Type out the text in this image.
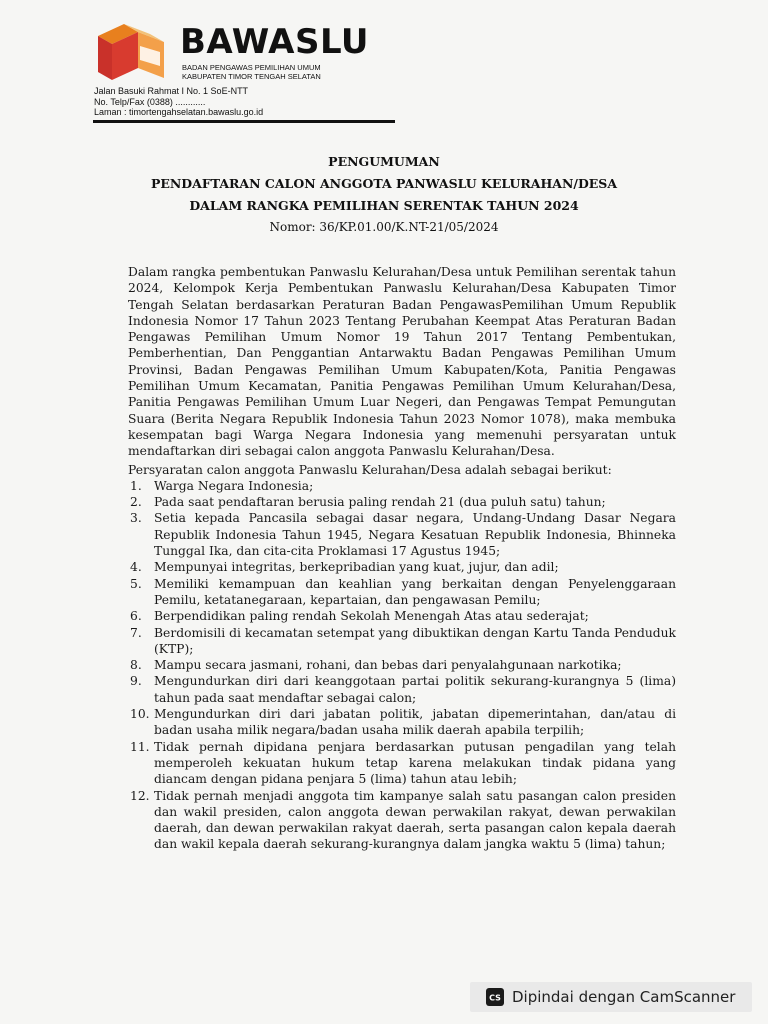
BAWASLU
BADAN PENGAWAS PEMILIHAN UMUM
KABUPATEN TIMOR TENGAH SELATAN
Jalan Basuki Rahmat I No. 1 SoE-NTT
No. Telp/Fax (0388) ............
Laman : timortengahselatan.bawaslu.go.id
PENGUMUMAN
PENDAFTARAN CALON ANGGOTA PANWASLU KELURAHAN/DESA
DALAM RANGKA PEMILIHAN SERENTAK TAHUN 2024
Nomor: 36/KP.01.00/K.NT-21/05/2024

Dalam rangka pembentukan Panwaslu Kelurahan/Desa untuk Pemilihan serentak tahun 2024, Kelompok Kerja Pembentukan Panwaslu Kelurahan/Desa Kabupaten Timor Tengah Selatan berdasarkan Peraturan Badan PengawasPemilihan Umum Republik Indonesia Nomor 17 Tahun 2023 Tentang Perubahan Keempat Atas Peraturan Badan Pengawas Pemilihan Umum Nomor 19 Tahun 2017 Tentang Pembentukan, Pemberhentian, Dan Penggantian Antarwaktu Badan Pengawas Pemilihan Umum Provinsi, Badan Pengawas Pemilihan Umum Kabupaten/Kota, Panitia Pengawas Pemilihan Umum Kecamatan, Panitia Pengawas Pemilihan Umum Kelurahan/Desa, Panitia Pengawas Pemilihan Umum Luar Negeri, dan Pengawas Tempat Pemungutan Suara (Berita Negara Republik Indonesia Tahun 2023 Nomor 1078), maka membuka kesempatan bagi Warga Negara Indonesia yang memenuhi persyaratan untuk mendaftarkan diri sebagai calon anggota Panwaslu Kelurahan/Desa.

Persyaratan calon anggota Panwaslu Kelurahan/Desa adalah sebagai berikut:

1. Warga Negara Indonesia;
2. Pada saat pendaftaran berusia paling rendah 21 (dua puluh satu) tahun;
3. Setia kepada Pancasila sebagai dasar negara, Undang-Undang Dasar Negara Republik Indonesia Tahun 1945, Negara Kesatuan Republik Indonesia, Bhinneka Tunggal Ika, dan cita-cita Proklamasi 17 Agustus 1945;
4. Mempunyai integritas, berkepribadian yang kuat, jujur, dan adil;
5. Memiliki kemampuan dan keahlian yang berkaitan dengan Penyelenggaraan Pemilu, ketatanegaraan, kepartaian, dan pengawasan Pemilu;
6. Berpendidikan paling rendah Sekolah Menengah Atas atau sederajat;
7. Berdomisili di kecamatan setempat yang dibuktikan dengan Kartu Tanda Penduduk (KTP);
8. Mampu secara jasmani, rohani, dan bebas dari penyalahgunaan narkotika;
9. Mengundurkan diri dari keanggotaan partai politik sekurang-kurangnya 5 (lima) tahun pada saat mendaftar sebagai calon;
10. Mengundurkan diri dari jabatan politik, jabatan dipemerintahan, dan/atau di badan usaha milik negara/badan usaha milik daerah apabila terpilih;
11. Tidak pernah dipidana penjara berdasarkan putusan pengadilan yang telah memperoleh kekuatan hukum tetap karena melakukan tindak pidana yang diancam dengan pidana penjara 5 (lima) tahun atau lebih;
12. Tidak pernah menjadi anggota tim kampanye salah satu pasangan calon presiden dan wakil presiden, calon anggota dewan perwakilan rakyat, dewan perwakilan daerah, dan dewan perwakilan rakyat daerah, serta pasangan calon kepala daerah dan wakil kepala daerah sekurang-kurangnya dalam jangka waktu 5 (lima) tahun;
CS Dipindai dengan CamScanner
